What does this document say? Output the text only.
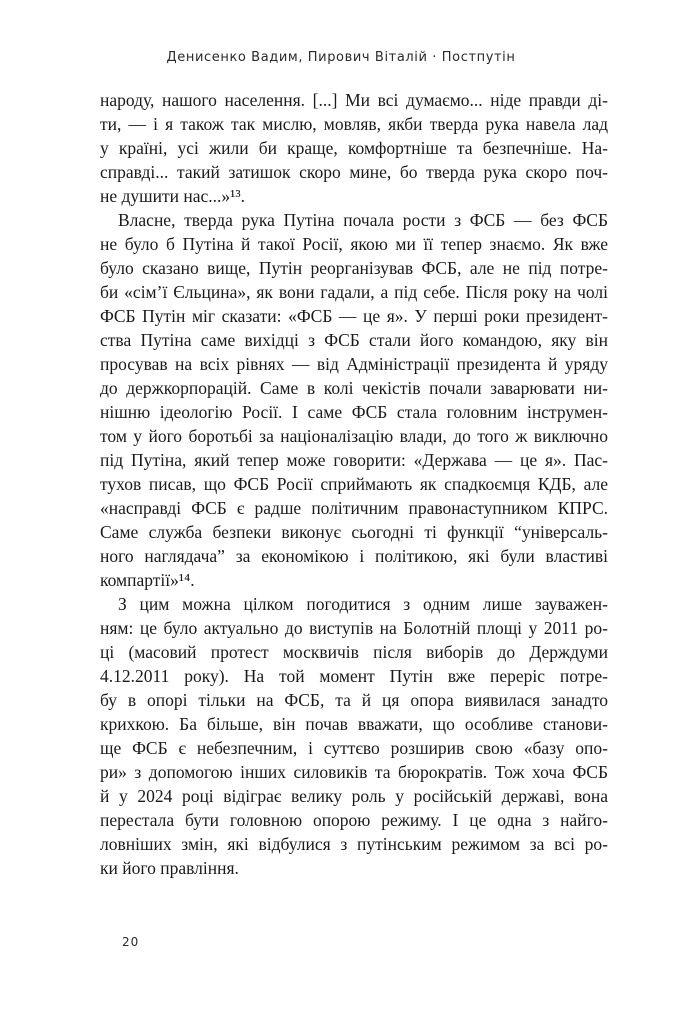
Денисенко Вадим, Пирович Віталій · Постпутін
народу, нашого населення. [...] Ми всі думаємо... ніде правди ді-
ти, — і я також так мислю, мовляв, якби тверда рука навела лад
у країні, усі жили би краще, комфортніше та безпечніше. На-
справді... такий затишок скоро мине, бо тверда рука скоро поч-
не душити нас...»¹³.
Власне, тверда рука Путіна почала рости з ФСБ — без ФСБ
не було б Путіна й такої Росії, якою ми її тепер знаємо. Як вже
було сказано вище, Путін реорганізував ФСБ, але не під потре-
би «сім’ї Єльцина», як вони гадали, а під себе. Після року на чолі
ФСБ Путін міг сказати: «ФСБ — це я». У перші роки президент-
ства Путіна саме вихідці з ФСБ стали його командою, яку він
просував на всіх рівнях — від Адміністрації президента й уряду
до держкорпорацій. Саме в колі чекістів почали заварювати ни-
нішню ідеологію Росії. І саме ФСБ стала головним інструмен-
том у його боротьбі за націоналізацію влади, до того ж виключно
під Путіна, який тепер може говорити: «Держава — це я». Пас-
тухов писав, що ФСБ Росії сприймають як спадкоємця КДБ, але
«насправді ФСБ є радше політичним правонаступником КПРС.
Саме служба безпеки виконує сьогодні ті функції “універсаль-
ного наглядача” за економікою і політикою, які були властиві
компартії»¹⁴.
З цим можна цілком погодитися з одним лише зауважен-
ням: це було актуально до виступів на Болотній площі у 2011 ро-
ці (масовий протест москвичів після виборів до Держдуми
4.12.2011 року). На той момент Путін вже переріс потре-
бу в опорі тільки на ФСБ, та й ця опора виявилася занадто
крихкою. Ба більше, він почав вважати, що особливе станови-
ще ФСБ є небезпечним, і суттєво розширив свою «базу опо-
ри» з допомогою інших силовиків та бюрократів. Тож хоча ФСБ
й у 2024 році відіграє велику роль у російській державі, вона
перестала бути головною опорою режиму. І це одна з найго-
ловніших змін, які відбулися з путінським режимом за всі ро-
ки його правління.
20
